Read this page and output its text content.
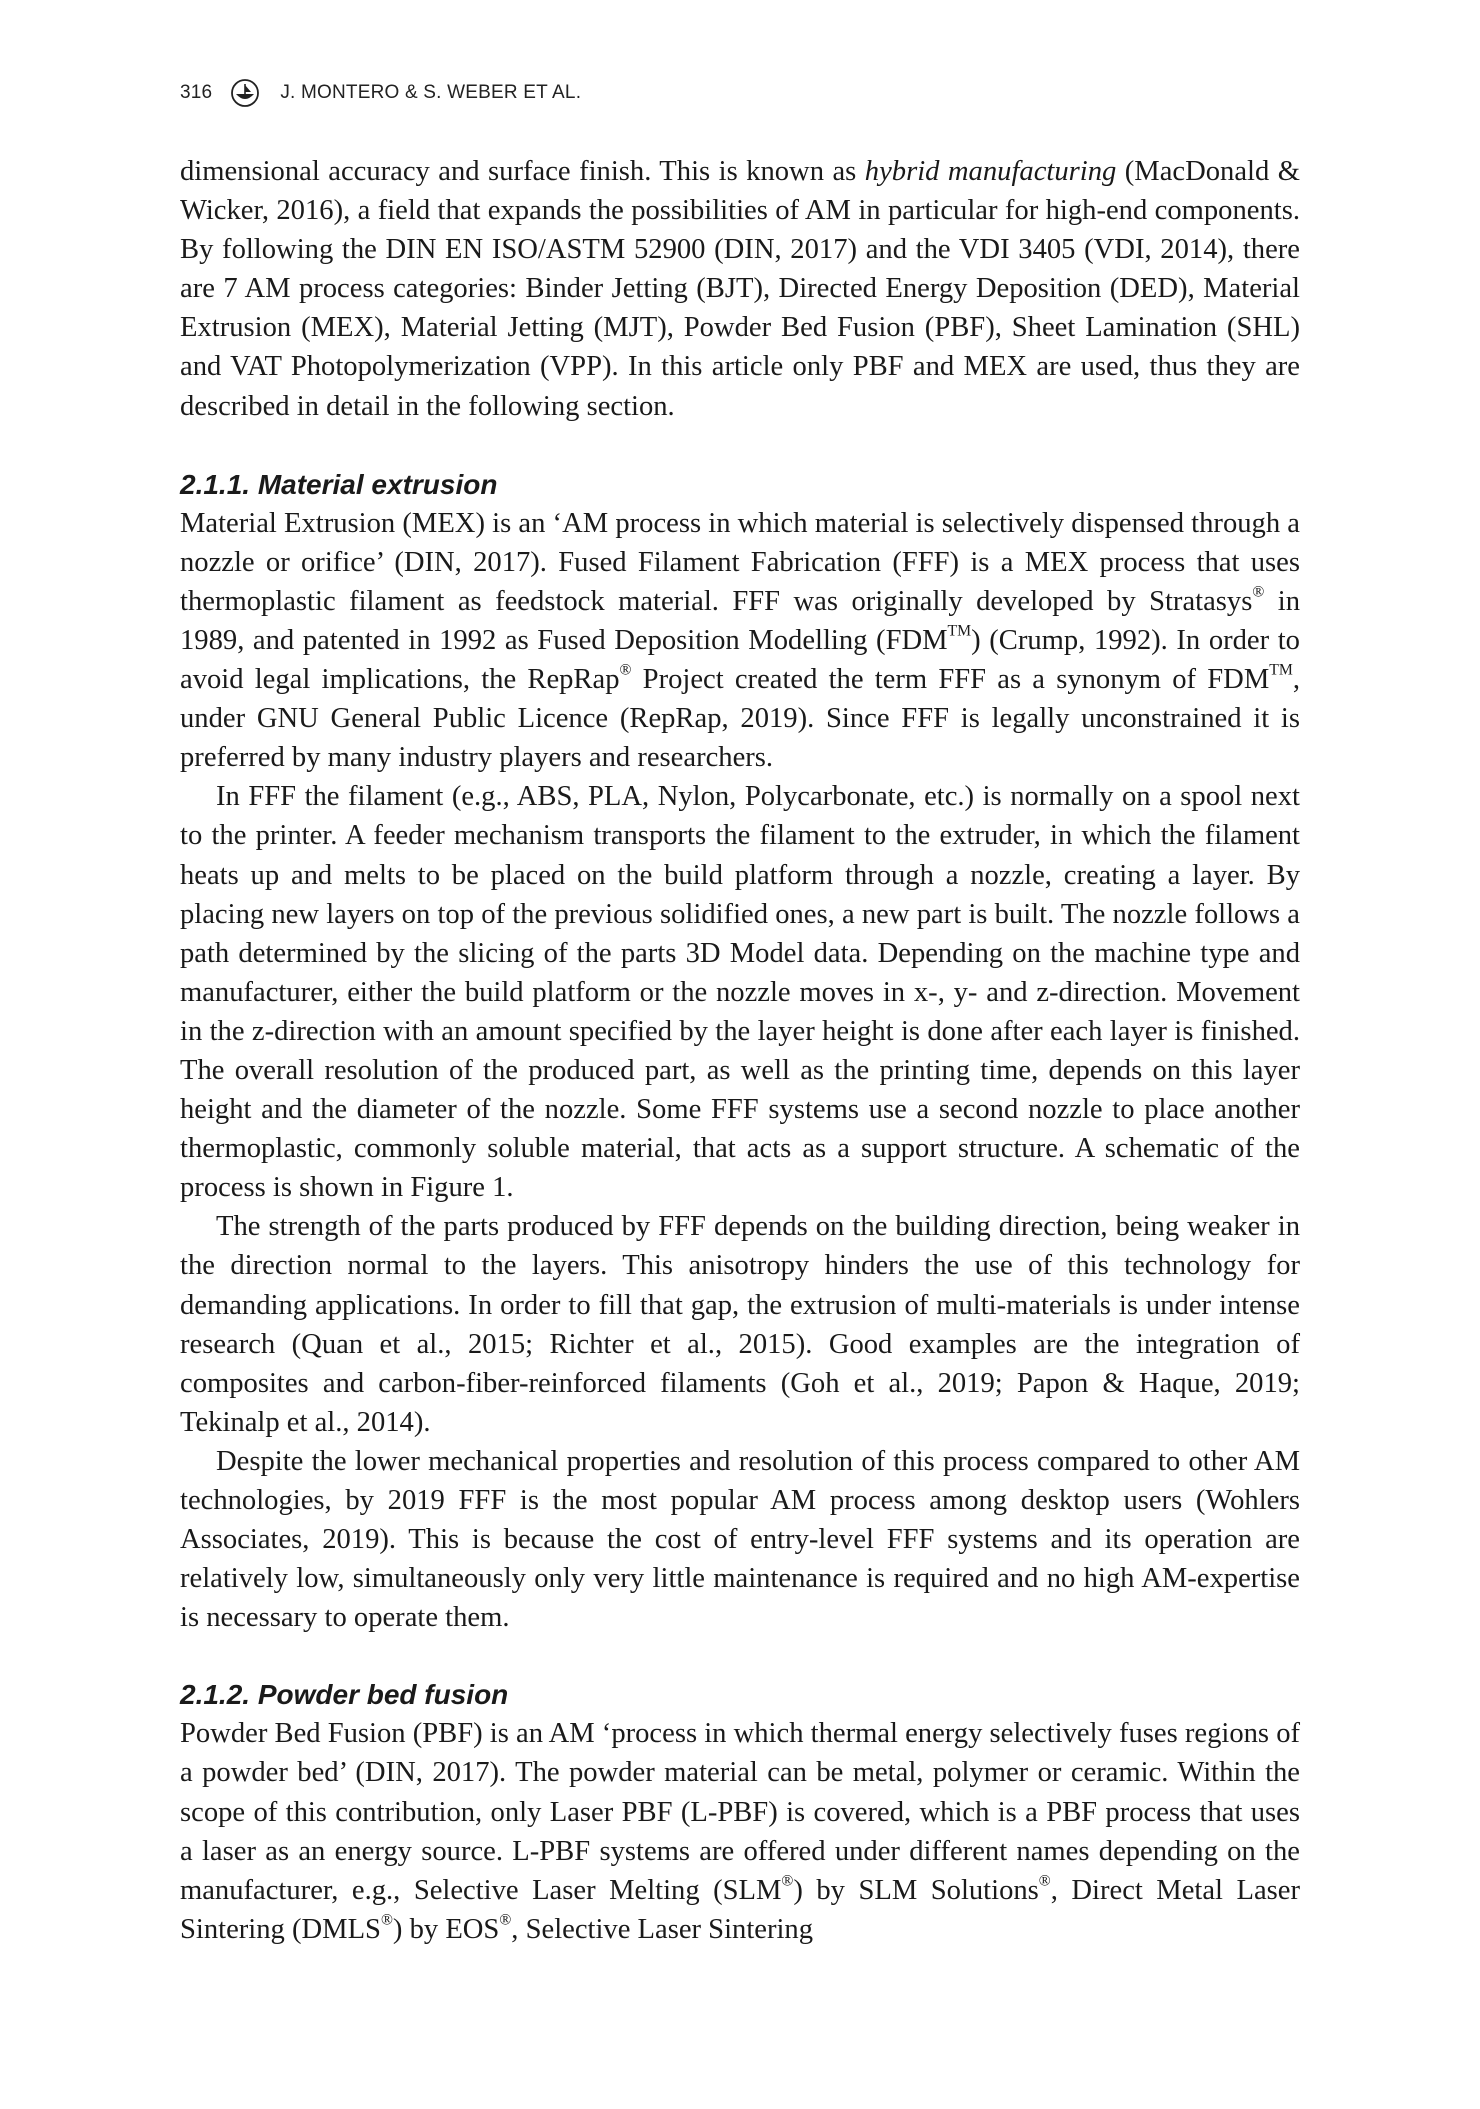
316	J. MONTERO & S. WEBER ET AL.

dimensional accuracy and surface finish. This is known as hybrid manufacturing (MacDonald & Wicker, 2016), a field that expands the possibilities of AM in particular for high-end components. By following the DIN EN ISO/ASTM 52900 (DIN, 2017) and the VDI 3405 (VDI, 2014), there are 7 AM process categories: Binder Jetting (BJT), Directed Energy Deposition (DED), Material Extrusion (MEX), Material Jetting (MJT), Powder Bed Fusion (PBF), Sheet Lamination (SHL) and VAT Photopolymerization (VPP). In this article only PBF and MEX are used, thus they are described in detail in the following section.

2.1.1. Material extrusion

Material Extrusion (MEX) is an ‘AM process in which material is selectively dispensed through a nozzle or orifice’ (DIN, 2017). Fused Filament Fabrication (FFF) is a MEX process that uses thermoplastic filament as feedstock material. FFF was originally developed by Stratasys® in 1989, and patented in 1992 as Fused Deposition Modelling (FDM™) (Crump, 1992). In order to avoid legal implications, the RepRap® Project created the term FFF as a synonym of FDM™, under GNU General Public Licence (RepRap, 2019). Since FFF is legally unconstrained it is preferred by many industry players and researchers.

In FFF the filament (e.g., ABS, PLA, Nylon, Polycarbonate, etc.) is normally on a spool next to the printer. A feeder mechanism transports the filament to the extruder, in which the filament heats up and melts to be placed on the build platform through a nozzle, creating a layer. By placing new layers on top of the previous solidified ones, a new part is built. The nozzle follows a path determined by the slicing of the parts 3D Model data. Depending on the machine type and manufacturer, either the build platform or the nozzle moves in x-, y- and z-direction. Movement in the z-direction with an amount specified by the layer height is done after each layer is finished. The overall resolution of the produced part, as well as the printing time, depends on this layer height and the diameter of the nozzle. Some FFF systems use a second nozzle to place another thermoplastic, commonly soluble material, that acts as a support structure. A schematic of the process is shown in Figure 1.

The strength of the parts produced by FFF depends on the building direction, being weaker in the direction normal to the layers. This anisotropy hinders the use of this technology for demanding applications. In order to fill that gap, the extrusion of multi-materials is under intense research (Quan et al., 2015; Richter et al., 2015). Good examples are the integration of composites and carbon-fiber-reinforced filaments (Goh et al., 2019; Papon & Haque, 2019; Tekinalp et al., 2014).

Despite the lower mechanical properties and resolution of this process compared to other AM technologies, by 2019 FFF is the most popular AM process among desktop users (Wohlers Associates, 2019). This is because the cost of entry-level FFF systems and its operation are relatively low, simultaneously only very little maintenance is required and no high AM-expertise is necessary to operate them.

2.1.2. Powder bed fusion

Powder Bed Fusion (PBF) is an AM ‘process in which thermal energy selectively fuses regions of a powder bed’ (DIN, 2017). The powder material can be metal, polymer or ceramic. Within the scope of this contribution, only Laser PBF (L-PBF) is covered, which is a PBF process that uses a laser as an energy source. L-PBF systems are offered under different names depending on the manufacturer, e.g., Selective Laser Melting (SLM®) by SLM Solutions®, Direct Metal Laser Sintering (DMLS®) by EOS®, Selective Laser Sintering
